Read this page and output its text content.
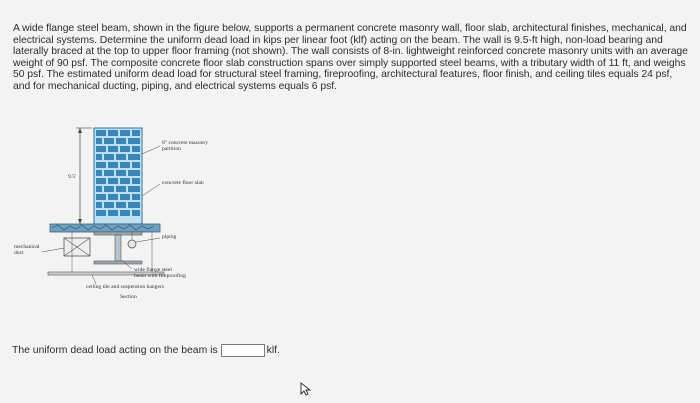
A wide flange steel beam, shown in the figure below, supports a permanent concrete masonry wall, floor slab, architectural finishes, mechanical, and electrical systems. Determine the uniform dead load in kips per linear foot (klf) acting on the beam. The wall is 9.5-ft high, non-load bearing and laterally braced at the top to upper floor framing (not shown). The wall consists of 8-in. lightweight reinforced concrete masonry units with an average weight of 90 psf. The composite concrete floor slab construction spans over simply supported steel beams, with a tributary width of 11 ft, and weighs 50 psf. The estimated uniform dead load for structural steel framing, fireproofing, architectural features, floor finish, and ceiling tiles equals 24 psf, and for mechanical ducting, piping, and electrical systems equals 6 psf.
8" concrete masonry
partition
9.5'
concrete floor slab
piping
mechanical
duct
wide flange steel
beam with fireproofing
ceiling tile and suspension hangers
Section
The uniform dead load acting on the beam is	klf.
